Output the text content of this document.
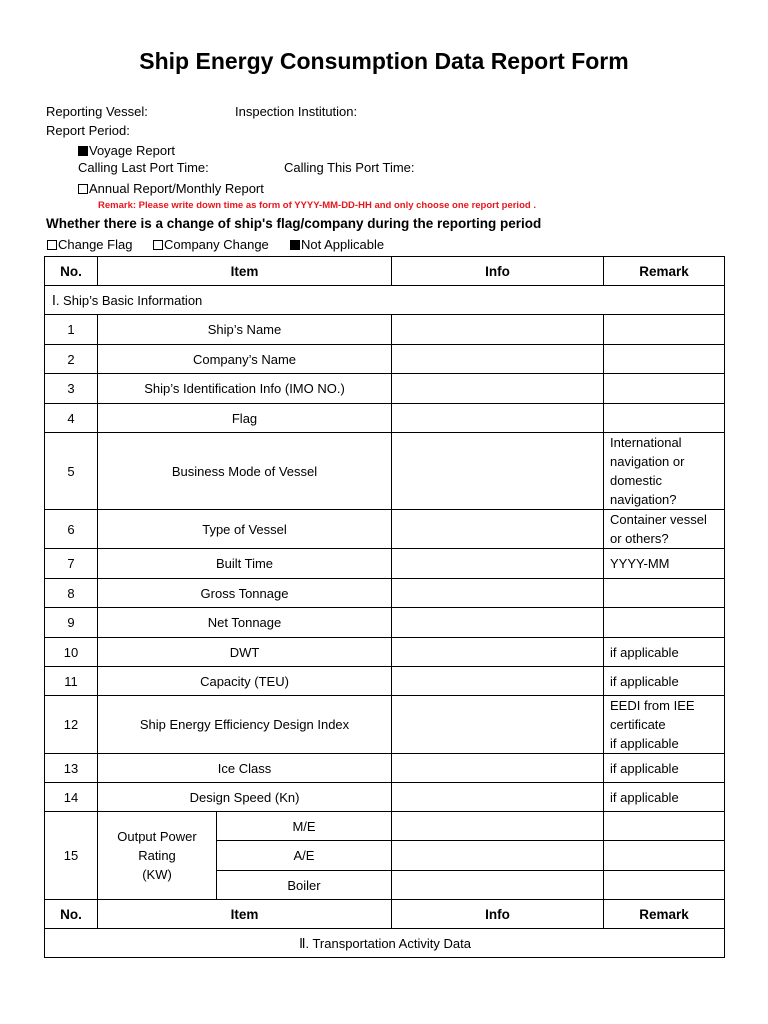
Ship Energy Consumption Data Report Form
Reporting Vessel:	Inspection Institution:
Report Period:
Voyage Report
Calling Last Port Time:	Calling This Port Time:
Annual Report/Monthly Report
Remark: Please write down time as form of YYYY-MM-DD-HH and only choose one report period .
Whether there is a change of ship's flag/company during the reporting period
Change Flag	Company Change	Not Applicable
No.	Item		Info	Remark
Ⅰ. Ship’s Basic Information				
1	Ship’s Name			
2	Company’s Name			
3	Ship’s Identification Info (IMO NO.)			
4	Flag			
5	Business Mode of Vessel			International
navigation or
domestic
navigation?
6	Type of Vessel			Container vessel
or others?
7	Built Time			YYYY-MM
8	Gross Tonnage			
9	Net Tonnage			
10	DWT			if applicable
11	Capacity (TEU)			if applicable
12	Ship Energy Efficiency Design Index			EEDI from IEE
certificate
if applicable
13	Ice Class			if applicable
14	Design Speed (Kn)			if applicable
15	Output Power
Rating
(KW)	M/E		
		A/E		
		Boiler		
No.	Item		Info	Remark
Ⅱ. Transportation Activity Data				
